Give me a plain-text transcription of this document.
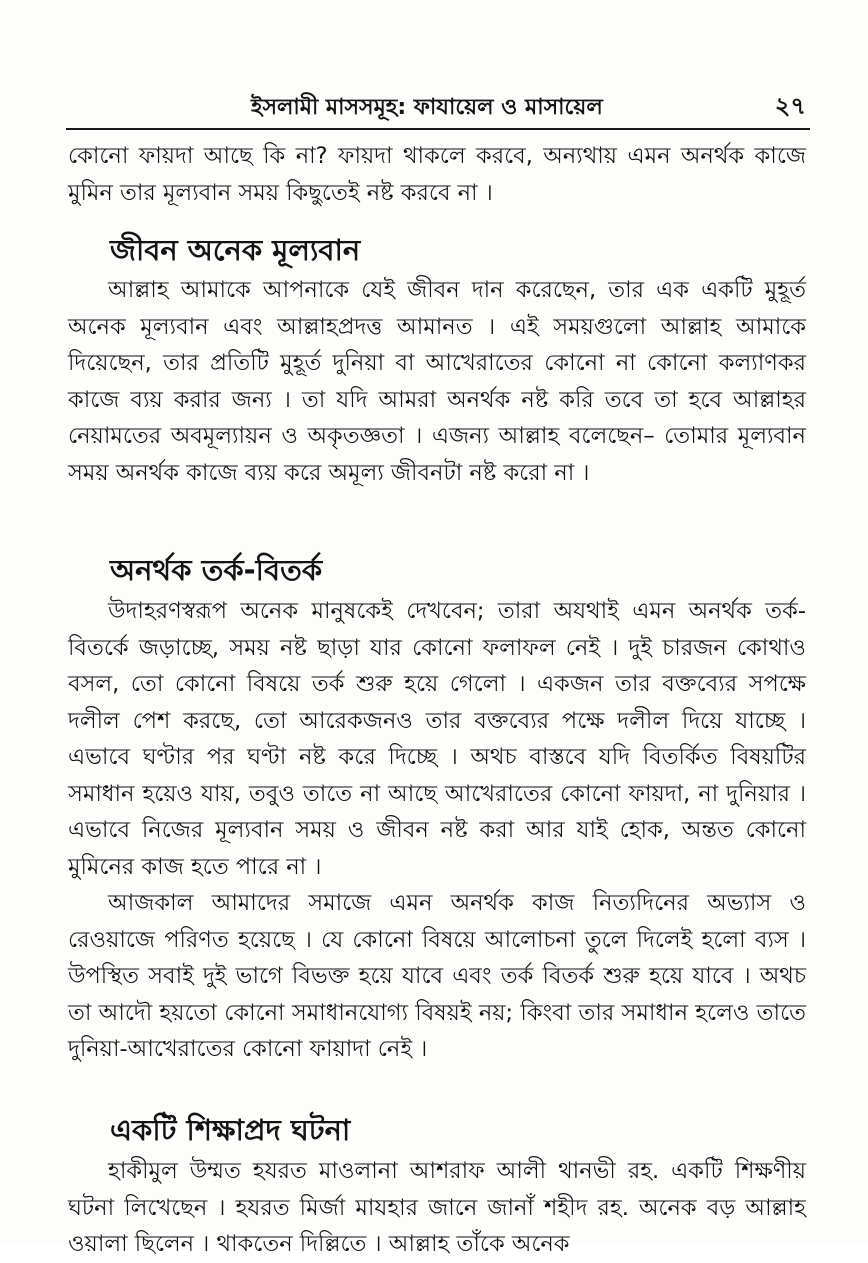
ইসলামী মাসসমূহ: ফাযায়েল ও মাসায়েল	২৭

কোনো ফায়দা আছে কি না? ফায়দা থাকলে করবে, অন্যথায় এমন অনর্থক কাজে মুমিন তার মূল্যবান সময় কিছুতেই নষ্ট করবে না ।

জীবন অনেক মূল্যবান

আল্লাহ আমাকে আপনাকে যেই জীবন দান করেছেন, তার এক একটি মুহূর্ত অনেক মূল্যবান এবং আল্লাহপ্রদত্ত আমানত । এই সময়গুলো আল্লাহ আমাকে দিয়েছেন, তার প্রতিটি মুহূর্ত দুনিয়া বা আখেরাতের কোনো না কোনো কল্যাণকর কাজে ব্যয় করার জন্য । তা যদি আমরা অনর্থক নষ্ট করি তবে তা হবে আল্লাহর নেয়ামতের অবমূল্যায়ন ও অকৃতজ্ঞতা । এজন্য আল্লাহ বলেছেন– তোমার মূল্যবান সময় অনর্থক কাজে ব্যয় করে অমূল্য জীবনটা নষ্ট করো না ।

অনর্থক তর্ক-বিতর্ক

উদাহরণস্বরূপ অনেক মানুষকেই দেখবেন; তারা অযথাই এমন অনর্থক তর্ক-বিতর্কে জড়াচ্ছে, সময় নষ্ট ছাড়া যার কোনো ফলাফল নেই । দুই চারজন কোথাও বসল, তো কোনো বিষয়ে তর্ক শুরু হয়ে গেলো । একজন তার বক্তব্যের সপক্ষে দলীল পেশ করছে, তো আরেকজনও তার বক্তব্যের পক্ষে দলীল দিয়ে যাচ্ছে । এভাবে ঘণ্টার পর ঘণ্টা নষ্ট করে দিচ্ছে । অথচ বাস্তবে যদি বিতর্কিত বিষয়টির সমাধান হয়েও যায়, তবুও তাতে না আছে আখেরাতের কোনো ফায়দা, না দুনিয়ার । এভাবে নিজের মূল্যবান সময় ও জীবন নষ্ট করা আর যাই হোক, অন্তত কোনো মুমিনের কাজ হতে পারে না ।

আজকাল আমাদের সমাজে এমন অনর্থক কাজ নিত্যদিনের অভ্যাস ও রেওয়াজে পরিণত হয়েছে । যে কোনো বিষয়ে আলোচনা তুলে দিলেই হলো ব্যস । উপস্থিত সবাই দুই ভাগে বিভক্ত হয়ে যাবে এবং তর্ক বিতর্ক শুরু হয়ে যাবে । অথচ তা আদৌ হয়তো কোনো সমাধানযোগ্য বিষয়ই নয়; কিংবা তার সমাধান হলেও তাতে দুনিয়া-আখেরাতের কোনো ফায়াদা নেই ।

একটি শিক্ষাপ্রদ ঘটনা

হাকীমুল উম্মত হযরত মাওলানা আশরাফ আলী থানভী রহ. একটি শিক্ষণীয় ঘটনা লিখেছেন । হযরত মির্জা মাযহার জানে জানাঁ শহীদ রহ. অনেক বড় আল্লাহ ওয়ালা ছিলেন । থাকতেন দিল্লিতে । আল্লাহ তাঁকে অনেক
